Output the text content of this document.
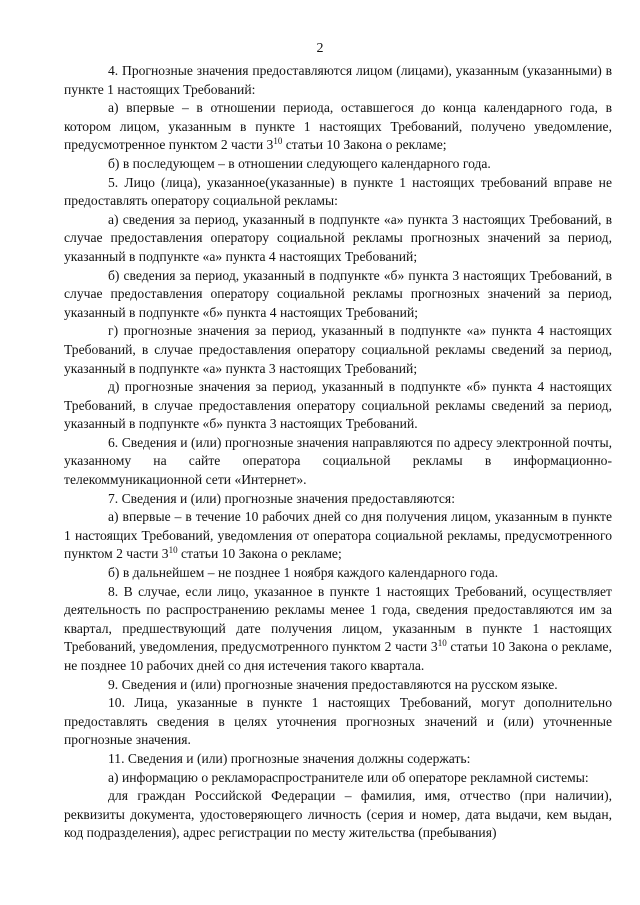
2

4. Прогнозные значения предоставляются лицом (лицами), указанным (указанными) в пункте 1 настоящих Требований:

а) впервые – в отношении периода, оставшегося до конца календарного года, в котором лицом, указанным в пункте 1 настоящих Требований, получено уведомление, предусмотренное пунктом 2 части $3^{10}$ статьи 10 Закона о рекламе;

б) в последующем – в отношении следующего календарного года.

5. Лицо (лица), указанное(указанные) в пункте 1 настоящих требований вправе не предоставлять оператору социальной рекламы:

а) сведения за период, указанный в подпункте «а» пункта 3 настоящих Требований, в случае предоставления оператору социальной рекламы прогнозных значений за период, указанный в подпункте «а» пункта 4 настоящих Требований;

б) сведения за период, указанный в подпункте «б» пункта 3 настоящих Требований, в случае предоставления оператору социальной рекламы прогнозных значений за период, указанный в подпункте «б» пункта 4 настоящих Требований;

г) прогнозные значения за период, указанный в подпункте «а» пункта 4 настоящих Требований, в случае предоставления оператору социальной рекламы сведений за период, указанный в подпункте «а» пункта 3 настоящих Требований;

д) прогнозные значения за период, указанный в подпункте «б» пункта 4 настоящих Требований, в случае предоставления оператору социальной рекламы сведений за период, указанный в подпункте «б» пункта 3 настоящих Требований.

6. Сведения и (или) прогнозные значения направляются по адресу электронной почты, указанному на сайте оператора социальной рекламы в информационно-телекоммуникационной сети «Интернет».

7. Сведения и (или) прогнозные значения предоставляются:

а) впервые – в течение 10 рабочих дней со дня получения лицом, указанным в пункте 1 настоящих Требований, уведомления от оператора социальной рекламы, предусмотренного пунктом 2 части $3^{10}$ статьи 10 Закона о рекламе;

б) в дальнейшем – не позднее 1 ноября каждого календарного года.

8. В случае, если лицо, указанное в пункте 1 настоящих Требований, осуществляет деятельность по распространению рекламы менее 1 года, сведения предоставляются им за квартал, предшествующий дате получения лицом, указанным в пункте 1 настоящих Требований, уведомления, предусмотренного пунктом 2 части $3^{10}$ статьи 10 Закона о рекламе, не позднее 10 рабочих дней со дня истечения такого квартала.

9. Сведения и (или) прогнозные значения предоставляются на русском языке.

10. Лица, указанные в пункте 1 настоящих Требований, могут дополнительно предоставлять сведения в целях уточнения прогнозных значений и (или) уточненные прогнозные значения.

11. Сведения и (или) прогнозные значения должны содержать:

а) информацию о рекламораспространителе или об операторе рекламной системы:

для граждан Российской Федерации – фамилия, имя, отчество (при наличии), реквизиты документа, удостоверяющего личность (серия и номер, дата выдачи, кем выдан, код подразделения), адрес регистрации по месту жительства (пребывания)
